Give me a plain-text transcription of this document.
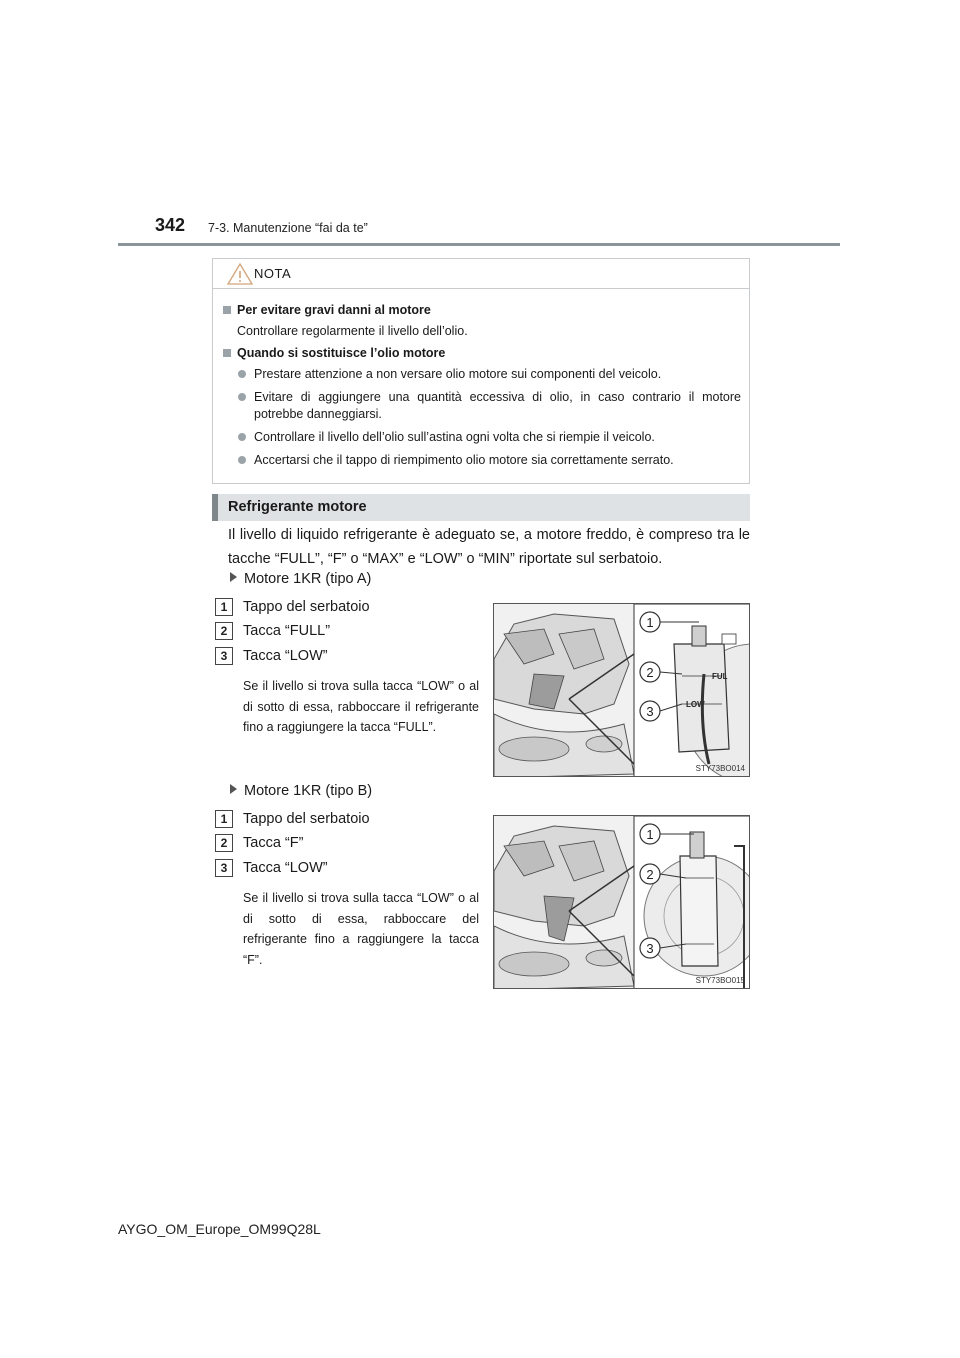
342 7-3. Manutenzione “fai da te”
NOTA
Per evitare gravi danni al motore
Controllare regolarmente il livello dell’olio.
Quando si sostituisce l’olio motore
Prestare attenzione a non versare olio motore sui componenti del veicolo.
Evitare di aggiungere una quantità eccessiva di olio, in caso contrario il motore potrebbe danneggiarsi.
Controllare il livello dell’olio sull’astina ogni volta che si riempie il veicolo.
Accertarsi che il tappo di riempimento olio motore sia correttamente serrato.
Refrigerante motore
Il livello di liquido refrigerante è adeguato se, a motore freddo, è compreso tra le tacche “FULL”, “F” o “MAX” e “LOW” o “MIN” riportate sul serbatoio.
Motore 1KR (tipo A)
1	Tappo del serbatoio
2	Tacca “FULL”
3	Tacca “LOW”
Se il livello si trova sulla tacca “LOW” o al di sotto di essa, rabboccare il refrigerante fino a raggiungere la tacca “FULL”.
FUL
LOW
1
2
3
STY73BO014
Motore 1KR (tipo B)
1	Tappo del serbatoio
2	Tacca “F”
3	Tacca “LOW”
Se il livello si trova sulla tacca “LOW” o al di sotto di essa, rabboccare del refrigerante fino a raggiungere la tacca “F”.
1
2
3
STY73BO015
AYGO_OM_Europe_OM99Q28L
